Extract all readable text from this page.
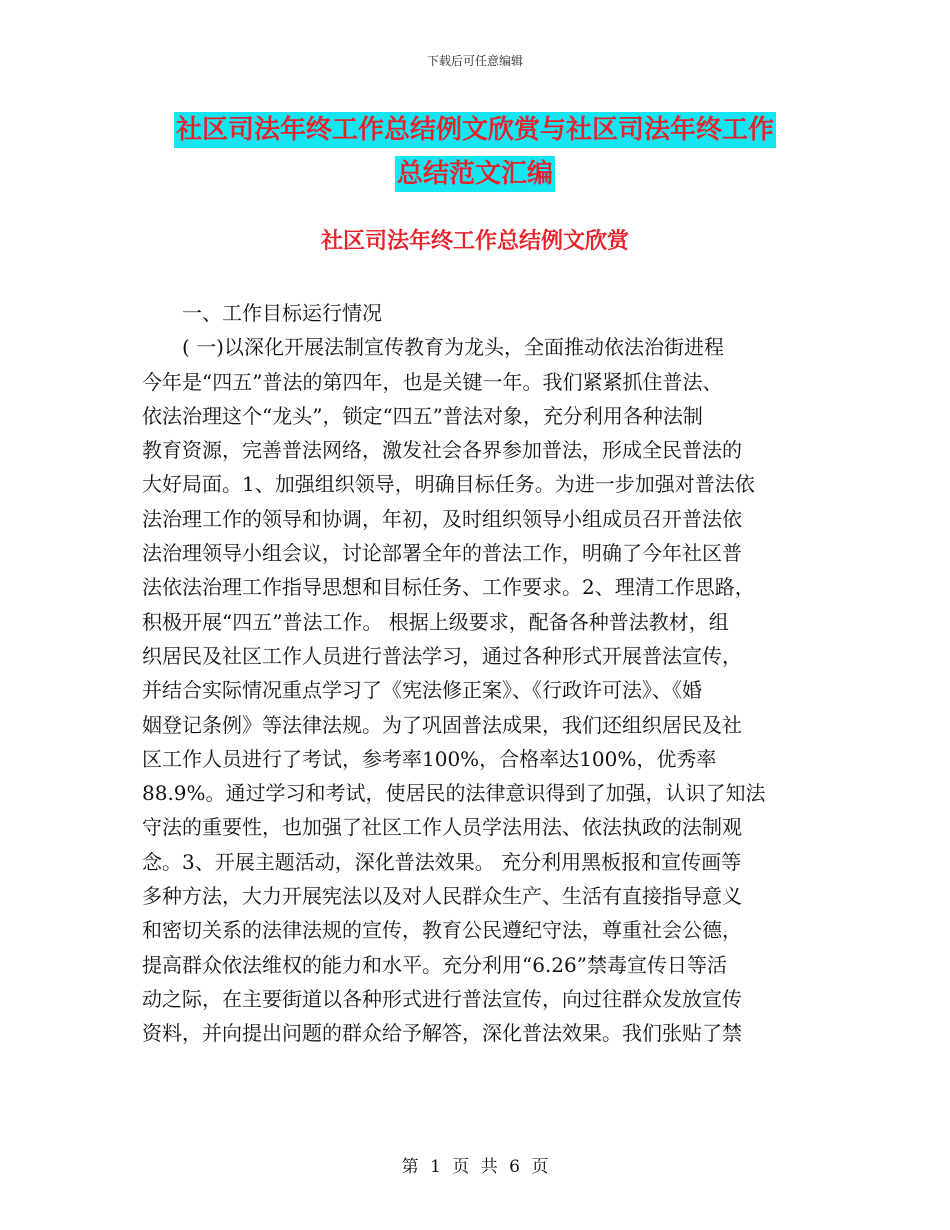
下载后可任意编辑
社区司法年终工作总结例文欣赏与社区司法年终工作
总结范文汇编
社区司法年终工作总结例文欣赏
一、工作目标运行情况
( 一)以深化开展法制宣传教育为龙头，全面推动依法治街进程
今年是“四五”普法的第四年，也是关键一年。我们紧紧抓住普法、
依法治理这个“龙头”，锁定“四五”普法对象，充分利用各种法制
教育资源，完善普法网络，激发社会各界参加普法，形成全民普法的
大好局面。1、加强组织领导，明确目标任务。为进一步加强对普法依
法治理工作的领导和协调，年初，及时组织领导小组成员召开普法依
法治理领导小组会议，讨论部署全年的普法工作，明确了今年社区普
法依法治理工作指导思想和目标任务、工作要求。2、理清工作思路，
积极开展“四五”普法工作。 根据上级要求，配备各种普法教材，组
织居民及社区工作人员进行普法学习，通过各种形式开展普法宣传，
并结合实际情况重点学习了《宪法修正案》、《行政许可法》、《婚
姻登记条例》等法律法规。为了巩固普法成果，我们还组织居民及社
区工作人员进行了考试，参考率100%，合格率达100%，优秀率
88.9%。通过学习和考试，使居民的法律意识得到了加强，认识了知法
守法的重要性，也加强了社区工作人员学法用法、依法执政的法制观
念。3、开展主题活动，深化普法效果。 充分利用黑板报和宣传画等
多种方法，大力开展宪法以及对人民群众生产、生活有直接指导意义
和密切关系的法律法规的宣传，教育公民遵纪守法，尊重社会公德，
提高群众依法维权的能力和水平。充分利用“6.26”禁毒宣传日等活
动之际，在主要街道以各种形式进行普法宣传，向过往群众发放宣传
资料，并向提出问题的群众给予解答，深化普法效果。我们张贴了禁
第 1 页 共 6 页
